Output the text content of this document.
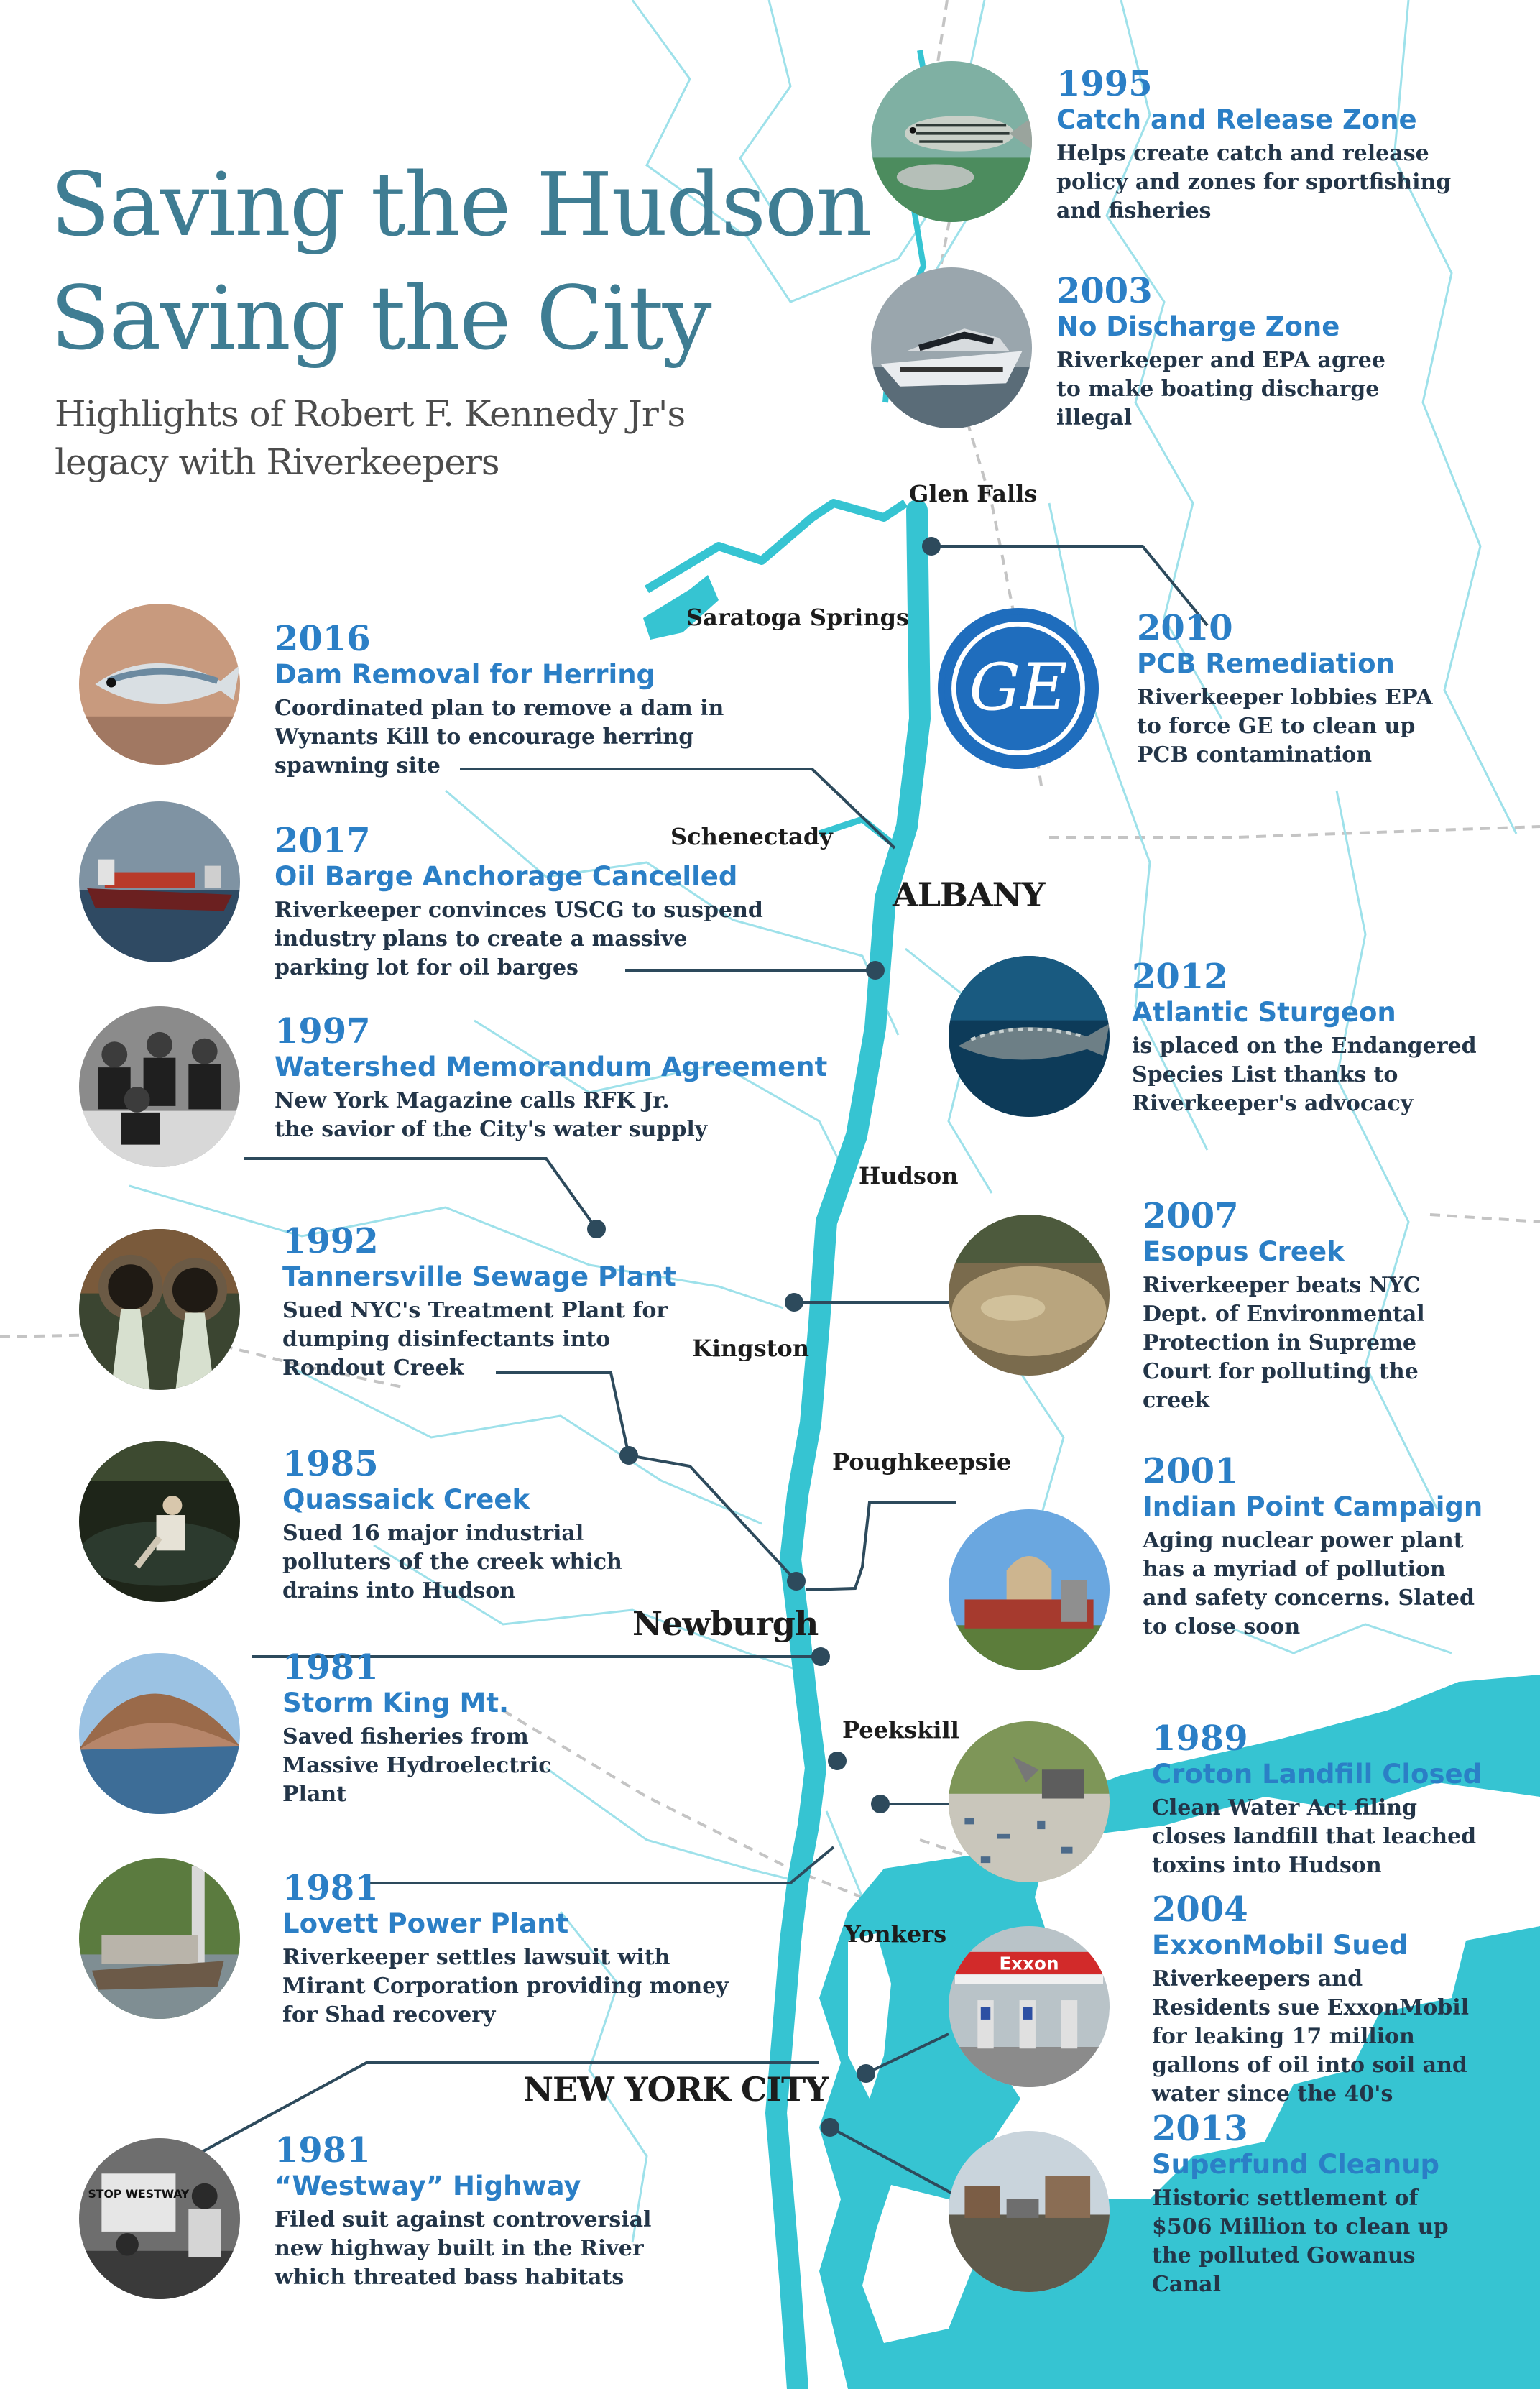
Saving the Hudson
Saving the City

Highlights of Robert F. Kennedy Jr's

legacy with Riverkeepers

Glen Falls
Saratoga Springs
Schenectady
ALBANY
Hudson
Kingston
Poughkeepsie
Newburgh
Peekskill
Yonkers
NEW YORK CITY
GE
Exxon
STOP WESTWAY
1995
Catch and Release Zone
Helps create catch and release
policy and zones for sportfishing
and fisheries
2003
No Discharge Zone
Riverkeeper and EPA agree
to make boating discharge
illegal
2010
PCB Remediation
Riverkeeper lobbies EPA
to force GE to clean up
PCB contamination
2016
Dam Removal for Herring
Coordinated plan to remove a dam in
Wynants Kill to encourage herring
spawning site
2017
Oil Barge Anchorage Cancelled
Riverkeeper convinces USCG to suspend
industry plans to create a massive
parking lot for oil barges	2012
Atlantic Sturgeon
is placed on the Endangered
Species List thanks to
Riverkeeper's advocacy
1997
Watershed Memorandum Agreement
New York Magazine calls RFK Jr.
the savior of the City's water supply
2007
Esopus Creek
Riverkeeper beats NYC
Dept. of Environmental
Protection in Supreme
Court for polluting the
creek
1992
Tannersville Sewage Plant
Sued NYC's Treatment Plant for
dumping disinfectants into
Rondout Creek
1985
Quassaick Creek
Sued 16 major industrial
polluters of the creek which
drains into Hudson
2001
Indian Point Campaign
Aging nuclear power plant
has a myriad of pollution
and safety concerns. Slated
to close soon
1981
Storm King Mt.
Saved fisheries from
Massive Hydroelectric
Plant
1989
Croton Landfill Closed
Clean Water Act filing
closes landfill that leached
toxins into Hudson
1981
Lovett Power Plant
Riverkeeper settles lawsuit with
Mirant Corporation providing money
for Shad recovery
2004
ExxonMobil Sued
Riverkeepers and
Residents sue ExxonMobil
for leaking 17 million
gallons of oil into soil and
water since the 40's
2013
Superfund Cleanup
Historic settlement of
$506 Million to clean up
the polluted Gowanus
Canal
1981
“Westway” Highway
Filed suit against controversial
new highway built in the River
which threated bass habitats
